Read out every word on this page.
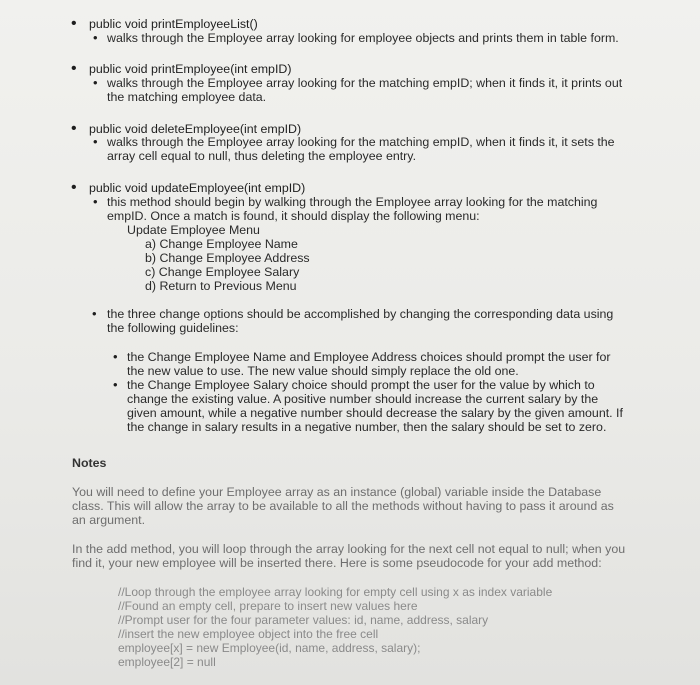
• public void printEmployeeList()
• walks through the Employee array looking for employee objects and prints them in table form.
• public void printEmployee(int empID)
• walks through the Employee array looking for the matching empID; when it finds it, it prints out
the matching employee data.
• public void deleteEmployee(int empID)
• walks through the Employee array looking for the matching empID, when it finds it, it sets the
array cell equal to null, thus deleting the employee entry.
• public void updateEmployee(int empID)
• this method should begin by walking through the Employee array looking for the matching
empID. Once a match is found, it should display the following menu:
Update Employee Menu
a) Change Employee Name
b) Change Employee Address
c) Change Employee Salary
d) Return to Previous Menu
• the three change options should be accomplished by changing the corresponding data using
the following guidelines:
• the Change Employee Name and Employee Address choices should prompt the user for
the new value to use. The new value should simply replace the old one.
• the Change Employee Salary choice should prompt the user for the value by which to
change the existing value. A positive number should increase the current salary by the
given amount, while a negative number should decrease the salary by the given amount. If
the change in salary results in a negative number, then the salary should be set to zero.
Notes
You will need to define your Employee array as an instance (global) variable inside the Database
class. This will allow the array to be available to all the methods without having to pass it around as
an argument.
In the add method, you will loop through the array looking for the next cell not equal to null; when you
find it, your new employee will be inserted there. Here is some pseudocode for your add method:
//Loop through the employee array looking for empty cell using x as index variable
//Found an empty cell, prepare to insert new values here
//Prompt user for the four parameter values: id, name, address, salary
//insert the new employee object into the free cell
employee[x] = new Employee(id, name, address, salary);
employee[2] = null
